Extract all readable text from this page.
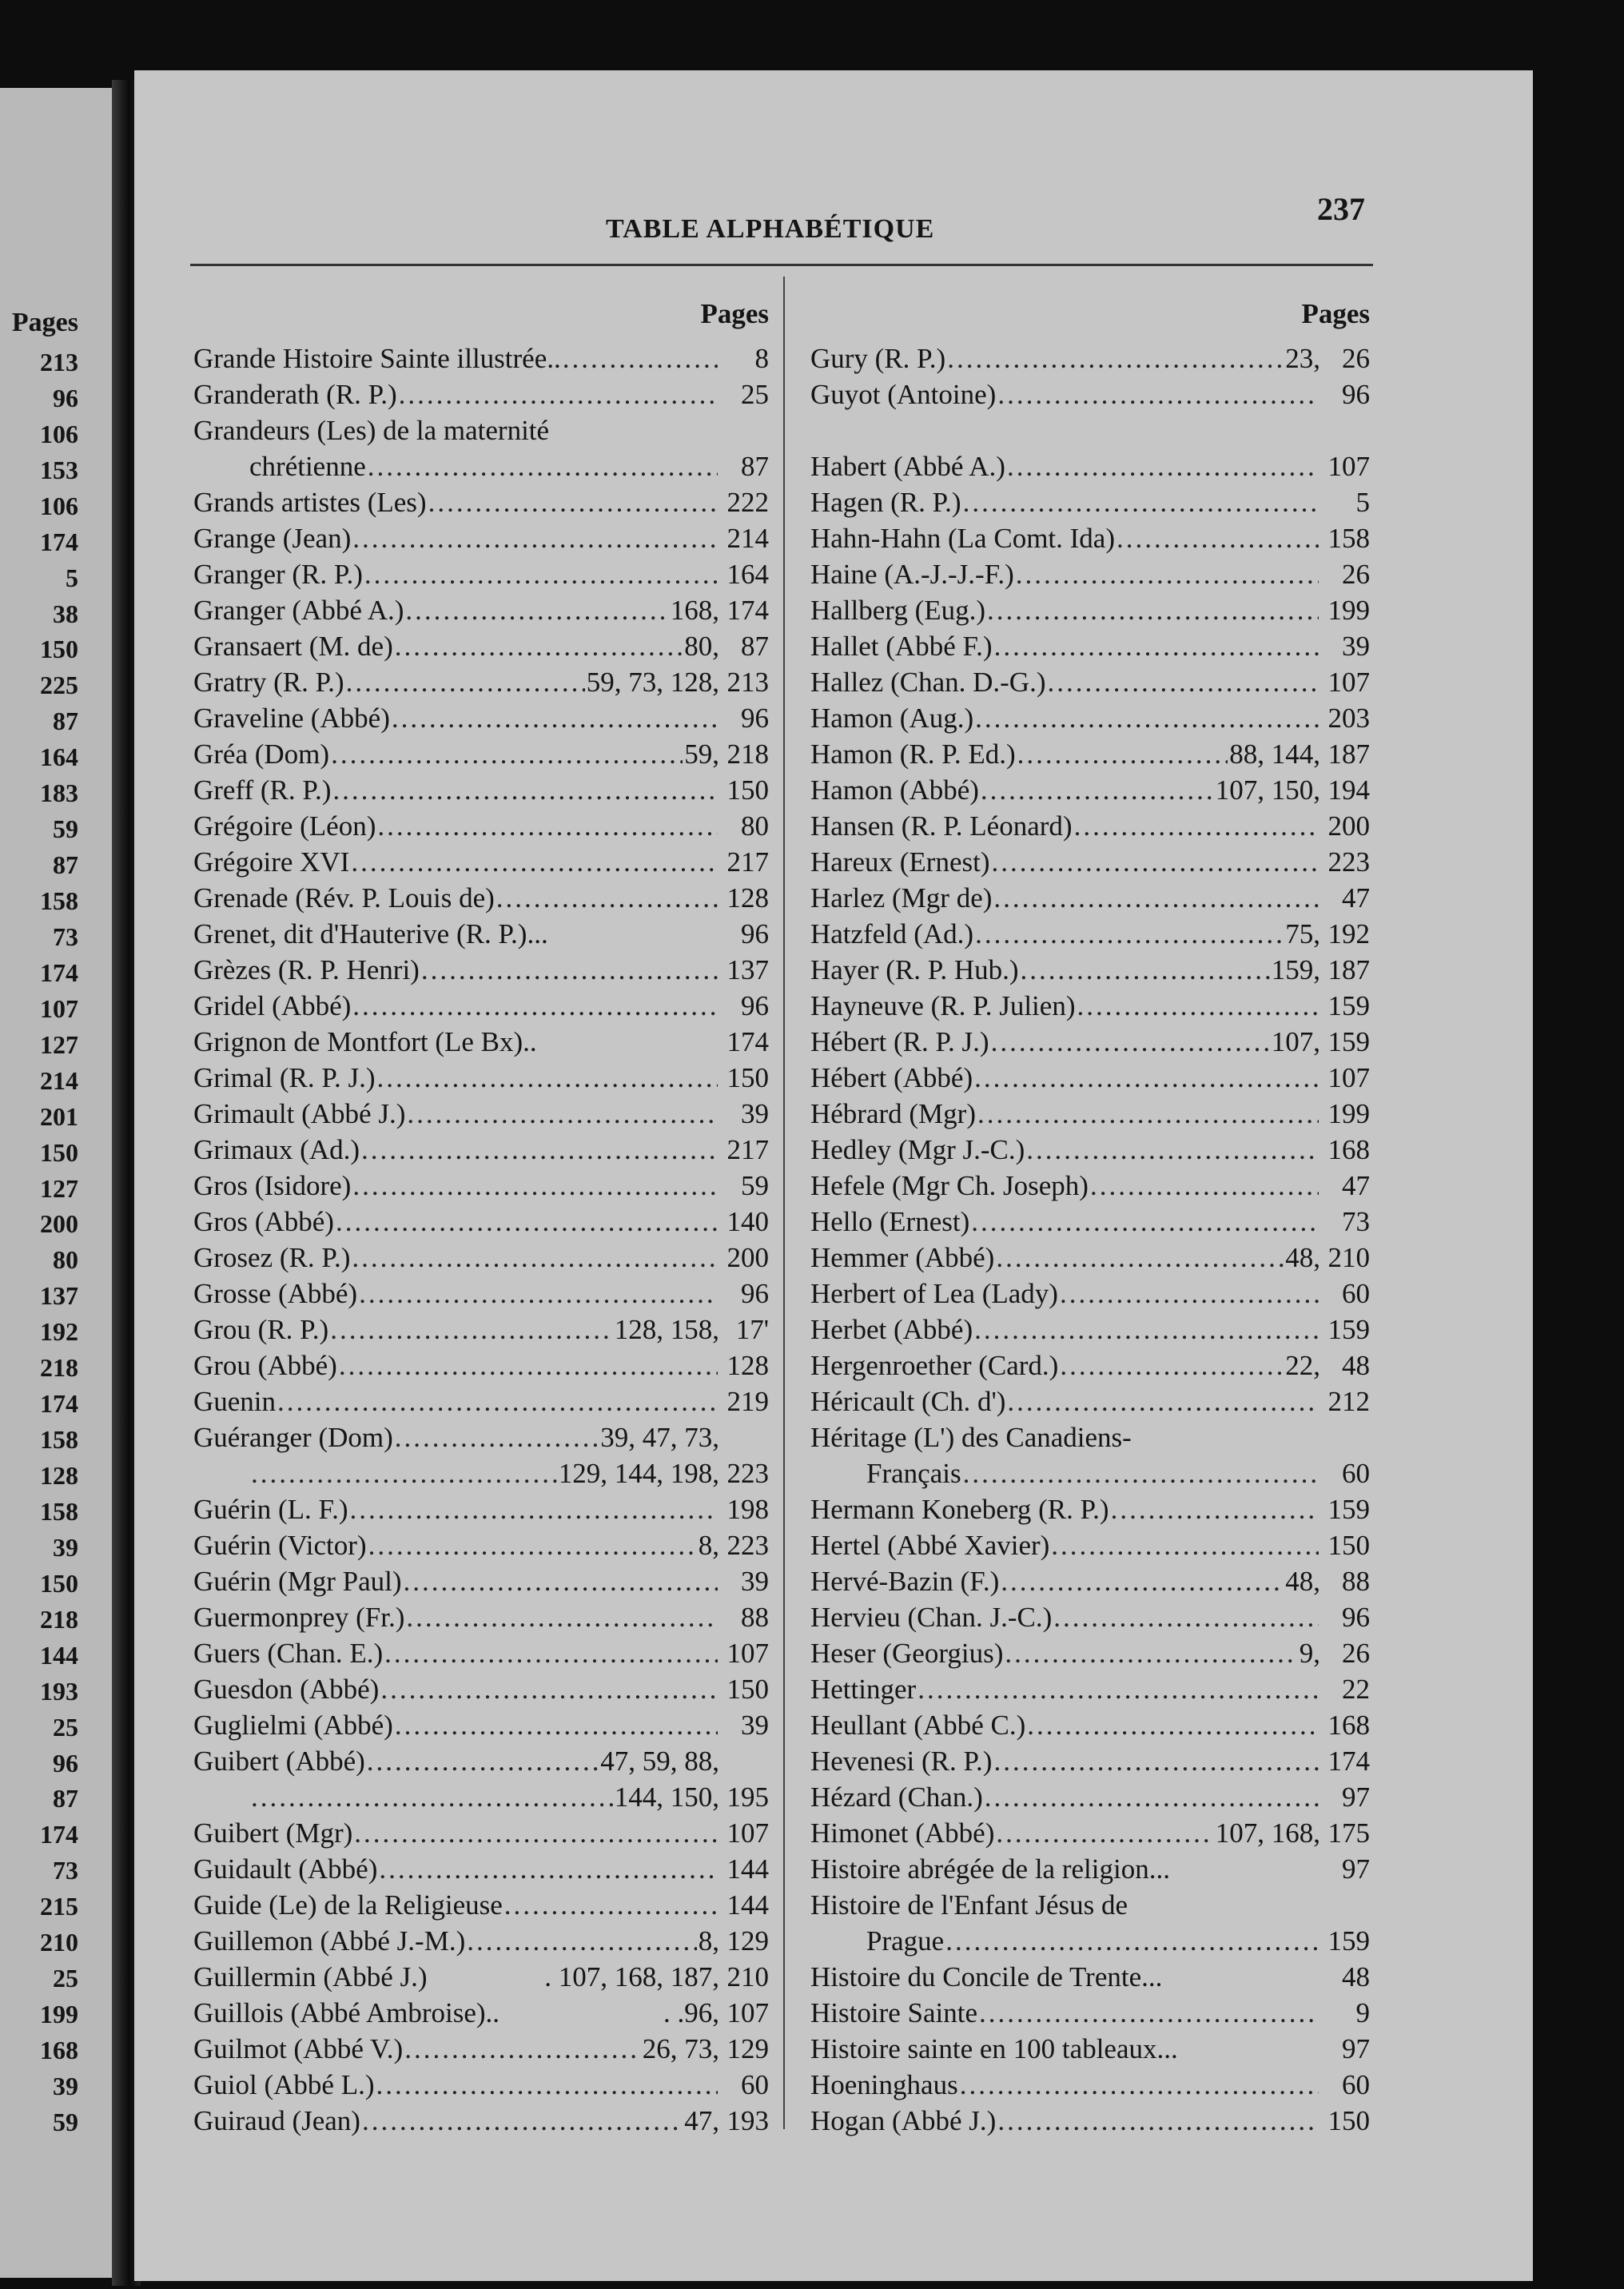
Pages
213
96
106
153
106
174
5
38
150
225
87
164
183
59
87
158
73
174
107
127
214
201
150
127
200
80
137
192
218
174
158
128
158
39
150
218
144
193
25
96
87
174
73
215
210
25
199
168
39
59
TABLE ALPHABÉTIQUE
237
Pages
Grande Histoire Sainte illustrée.. .....	8
Granderath (R. P.) .....	25
Grandeurs (Les) de la maternité
chrétienne .....	87
Grands artistes (Les) .....	222
Grange (Jean) .....	214
Granger (R. P.) .....	164
Granger (Abbé A.) .....	168, 174
Gransaert (M. de) .....	80, 87
Gratry (R. P.) .....	59, 73, 128, 213
Graveline (Abbé) .....	96
Gréa (Dom) .....	59, 218
Greff (R. P.) .....	150
Grégoire (Léon) .....	80
Grégoire XVI .....	217
Grenade (Rév. P. Louis de) .....	128
Grenet, dit d'Hauterive (R. P.)...	96
Grèzes (R. P. Henri) .....	137
Gridel (Abbé) .....	96
Grignon de Montfort (Le Bx)..	174
Grimal (R. P. J.) .....	150
Grimault (Abbé J.) .....	39
Grimaux (Ad.) .....	217
Gros (Isidore) .....	59
Gros (Abbé) .....	140
Grosez (R. P.) .....	200
Grosse (Abbé) .....	96
Grou (R. P.) .....	128, 158, 17'
Grou (Abbé) .....	128
Guenin .....	219
Guéranger (Dom) .....	39, 47, 73,
.....
129, 144, 198, 223
Guérin (L. F.) .....	198
Guérin (Victor) .....	8, 223
Guérin (Mgr Paul) .....	39
Guermonprey (Fr.) .....	88
Guers (Chan. E.) .....	107
Guesdon (Abbé) .....	150
Guglielmi (Abbé) .....	39
Guibert (Abbé) .....	47, 59, 88,
.....
144, 150, 195
Guibert (Mgr) .....	107
Guidault (Abbé) .....	144
Guide (Le) de la Religieuse .....	144
Guillemon (Abbé J.-M.) .....	8, 129
Guillermin (Abbé J.)	. 107, 168, 187, 210
Guillois (Abbé Ambroise)..	. .96, 107
Guilmot (Abbé V.) .....	26, 73, 129
Guiol (Abbé L.) .....	60
Guiraud (Jean) .....	47, 193
Pages
Gury (R. P.) .....	23, 26
Guyot (Antoine) .....	96
Habert (Abbé A.) .....	107
Hagen (R. P.) .....	5
Hahn-Hahn (La Comt. Ida) .....	158
Haine (A.-J.-J.-F.) .....	26
Hallberg (Eug.) .....	199
Hallet (Abbé F.) .....	39
Hallez (Chan. D.-G.) .....	107
Hamon (Aug.) .....	203
Hamon (R. P. Ed.) .....	88, 144, 187
Hamon (Abbé) .....	107, 150, 194
Hansen (R. P. Léonard) .....	200
Hareux (Ernest) .....	223
Harlez (Mgr de) .....	47
Hatzfeld (Ad.) .....	75, 192
Hayer (R. P. Hub.) .....	159, 187
Hayneuve (R. P. Julien) .....	159
Hébert (R. P. J.) .....	107, 159
Hébert (Abbé) .....	107
Hébrard (Mgr) .....	199
Hedley (Mgr J.-C.) .....	168
Hefele (Mgr Ch. Joseph) .....	47
Hello (Ernest) .....	73
Hemmer (Abbé) .....	48, 210
Herbert of Lea (Lady) .....	60
Herbet (Abbé) .....	159
Hergenroether (Card.) .....	22, 48
Héricault (Ch. d') .....	212
Héritage (L') des Canadiens-
Français .....	60
Hermann Koneberg (R. P.) .....	159
Hertel (Abbé Xavier) .....	150
Hervé-Bazin (F.) .....	48, 88
Hervieu (Chan. J.-C.) .....	96
Heser (Georgius) .....	9, 26
Hettinger .....	22
Heullant (Abbé C.) .....	168
Hevenesi (R. P.) .....	174
Hézard (Chan.) .....	97
Himonet (Abbé) .....	107, 168, 175
Histoire abrégée de la religion...	97
Histoire de l'Enfant Jésus de
Prague .....	159
Histoire du Concile de Trente...	48
Histoire Sainte .....	9
Histoire sainte en 100 tableaux...	97
Hoeninghaus .....	60
Hogan (Abbé J.) .....	150
